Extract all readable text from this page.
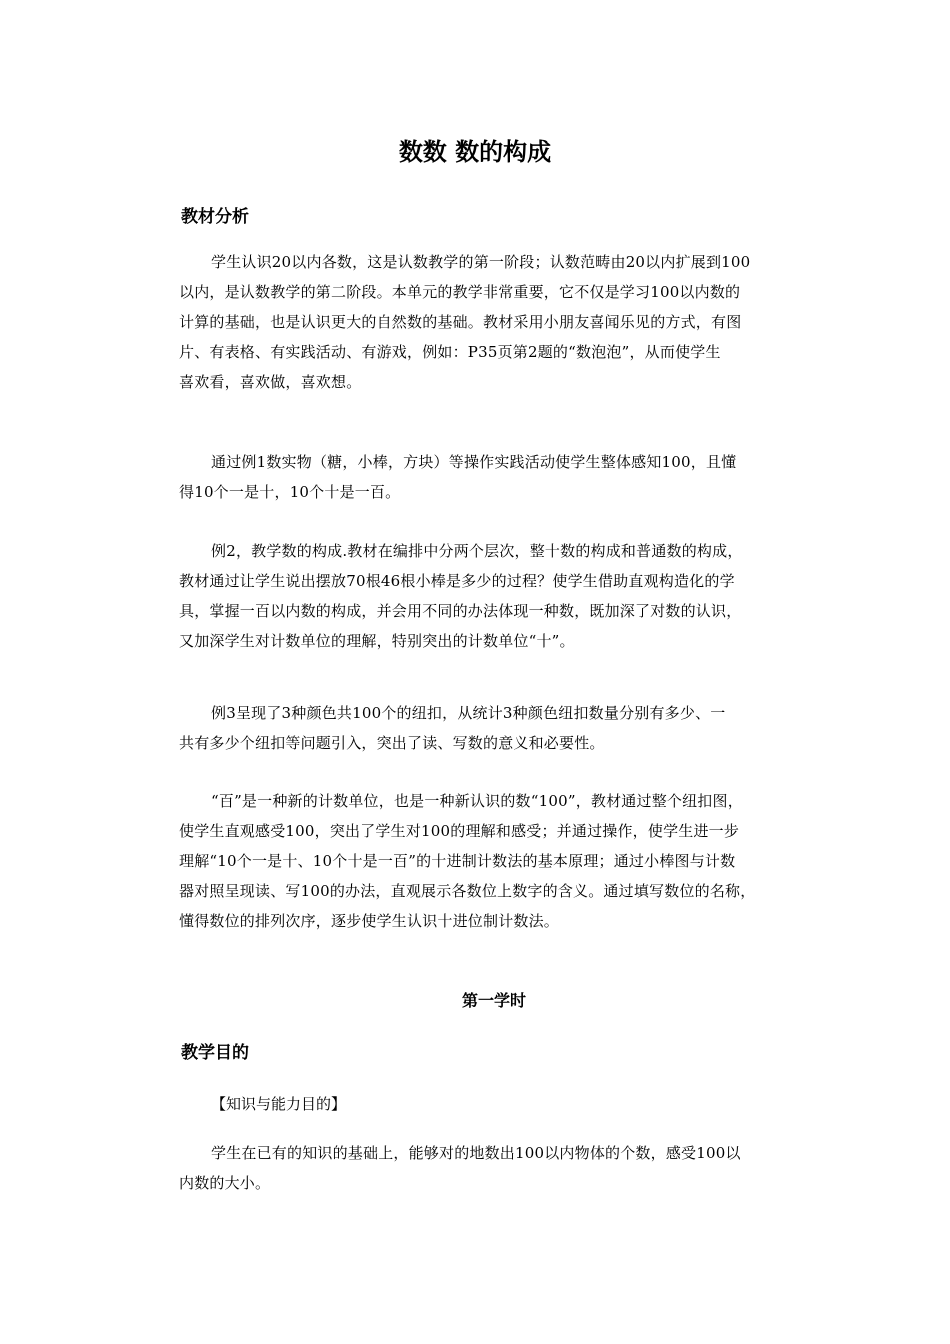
数数 数的构成
教材分析
学生认识20以内各数，这是认数教学的第一阶段；认数范畴由20以内扩展到100
以内，是认数教学的第二阶段。本单元的教学非常重要，它不仅是学习100以内数的
计算的基础，也是认识更大的自然数的基础。教材采用小朋友喜闻乐见的方式，有图
片、有表格、有实践活动、有游戏，例如：P35页第2题的“数泡泡”，从而使学生
喜欢看，喜欢做，喜欢想。
通过例1数实物（糖，小棒，方块）等操作实践活动使学生整体感知100，且懂
得10个一是十，10个十是一百。
例2，教学数的构成.教材在编排中分两个层次，整十数的构成和普通数的构成，
教材通过让学生说出摆放70根46根小棒是多少的过程？使学生借助直观构造化的学
具，掌握一百以内数的构成，并会用不同的办法体现一种数，既加深了对数的认识，
又加深学生对计数单位的理解，特别突出的计数单位“十”。
例3呈现了3种颜色共100个的纽扣，从统计3种颜色纽扣数量分别有多少、一
共有多少个纽扣等问题引入，突出了读、写数的意义和必要性。
“百”是一种新的计数单位，也是一种新认识的数“100”，教材通过整个纽扣图，
使学生直观感受100，突出了学生对100的理解和感受；并通过操作，使学生进一步
理解“10个一是十、10个十是一百”的十进制计数法的基本原理；通过小棒图与计数
器对照呈现读、写100的办法，直观展示各数位上数字的含义。通过填写数位的名称，
懂得数位的排列次序，逐步使学生认识十进位制计数法。
第一学时
教学目的

【知识与能力目的】

学生在已有的知识的基础上，能够对的地数出100以内物体的个数，感受100以
内数的大小。
